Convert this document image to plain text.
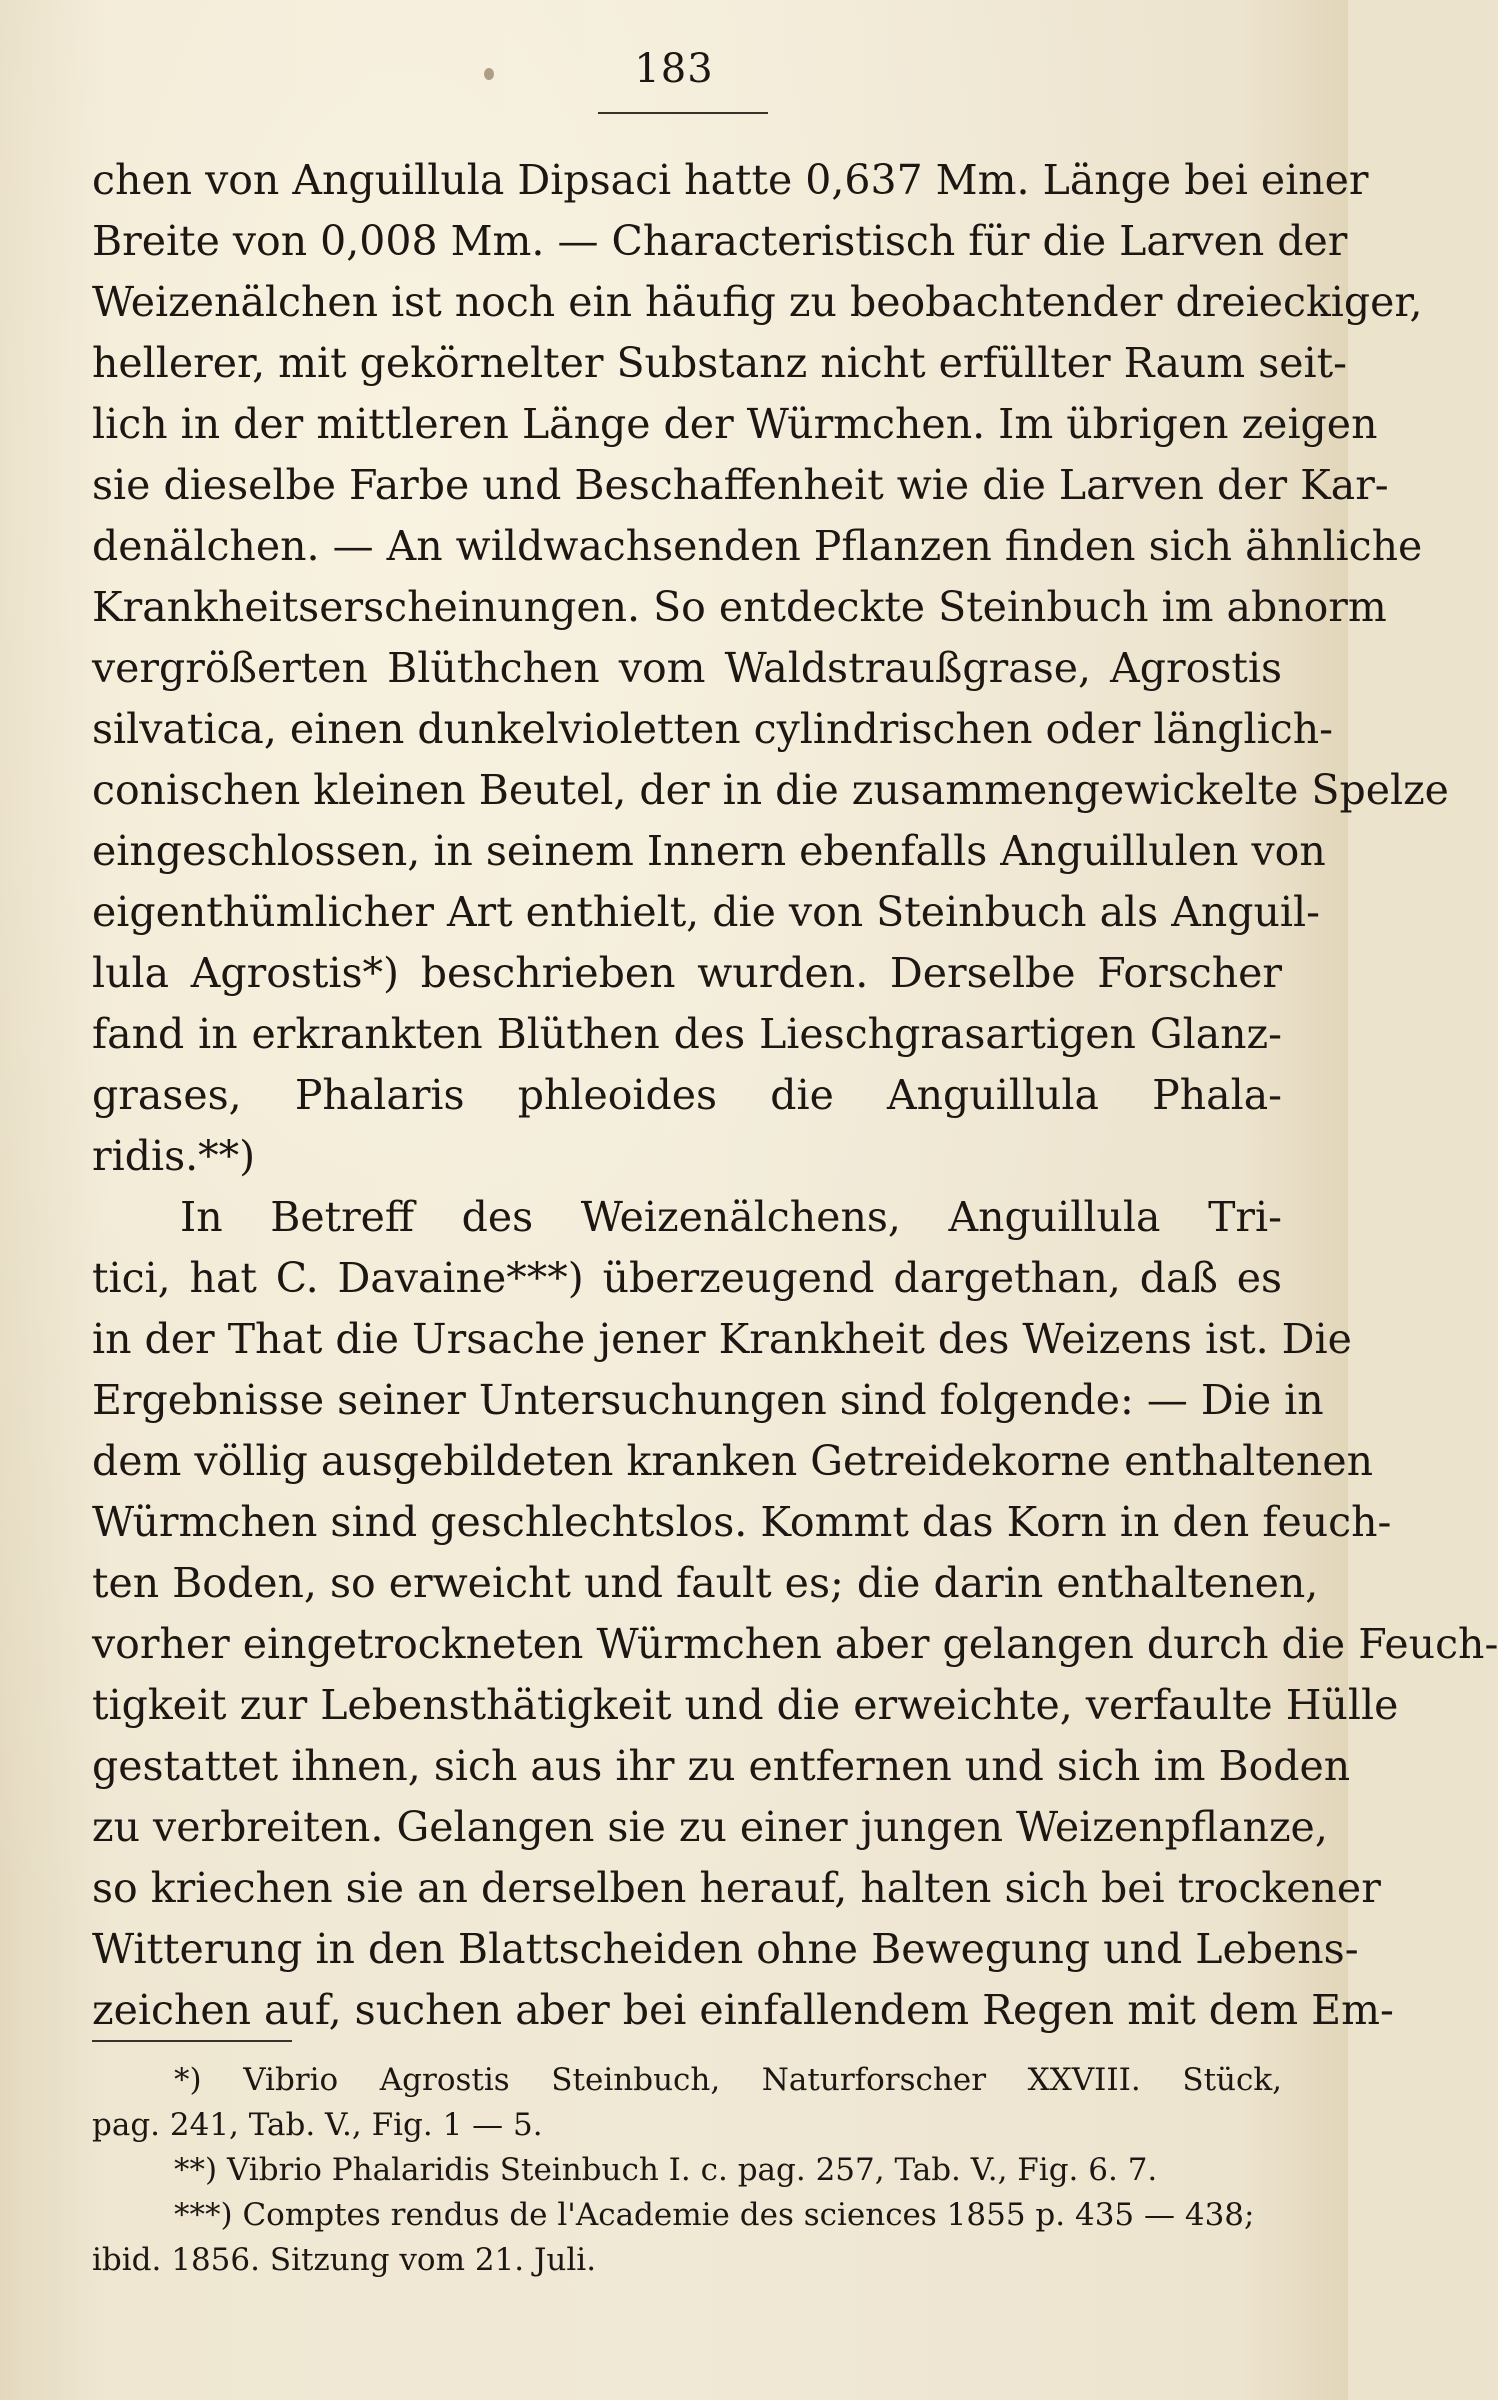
183
chen von Anguillula Dipsaci hatte 0,637 Mm. Länge bei einer
Breite von 0,008 Mm. — Characteristisch für die Larven der
Weizenälchen ist noch ein häufig zu beobachtender dreieckiger,
hellerer, mit gekörnelter Substanz nicht erfüllter Raum seit-
lich in der mittleren Länge der Würmchen. Im übrigen zeigen
sie dieselbe Farbe und Beschaffenheit wie die Larven der Kar-
denälchen. — An wildwachsenden Pflanzen finden sich ähnliche
Krankheitserscheinungen. So entdeckte Steinbuch im abnorm
vergrößerten Blüthchen vom Waldstraußgrase, Agrostis
silvatica, einen dunkelvioletten cylindrischen oder länglich-
conischen kleinen Beutel, der in die zusammengewickelte Spelze
eingeschlossen, in seinem Innern ebenfalls Anguillulen von
eigenthümlicher Art enthielt, die von Steinbuch als Anguil-
lula Agrostis*) beschrieben wurden. Derselbe Forscher
fand in erkrankten Blüthen des Lieschgrasartigen Glanz-
grases, Phalaris phleoides die Anguillula Phala-
ridis.**)
In Betreff des Weizenälchens, Anguillula Tri-
tici, hat C. Davaine***) überzeugend dargethan, daß es
in der That die Ursache jener Krankheit des Weizens ist. Die
Ergebnisse seiner Untersuchungen sind folgende: — Die in
dem völlig ausgebildeten kranken Getreidekorne enthaltenen
Würmchen sind geschlechtslos. Kommt das Korn in den feuch-
ten Boden, so erweicht und fault es; die darin enthaltenen,
vorher eingetrockneten Würmchen aber gelangen durch die Feuch-
tigkeit zur Lebensthätigkeit und die erweichte, verfaulte Hülle
gestattet ihnen, sich aus ihr zu entfernen und sich im Boden
zu verbreiten. Gelangen sie zu einer jungen Weizenpflanze,
so kriechen sie an derselben herauf, halten sich bei trockener
Witterung in den Blattscheiden ohne Bewegung und Lebens-
zeichen auf, suchen aber bei einfallendem Regen mit dem Em-
*) Vibrio Agrostis Steinbuch, Naturforscher XXVIII. Stück,
pag. 241, Tab. V., Fig. 1 — 5.
**) Vibrio Phalaridis Steinbuch I. c. pag. 257, Tab. V., Fig. 6. 7.
***) Comptes rendus de l'Academie des sciences 1855 p. 435 — 438;
ibid. 1856. Sitzung vom 21. Juli.
